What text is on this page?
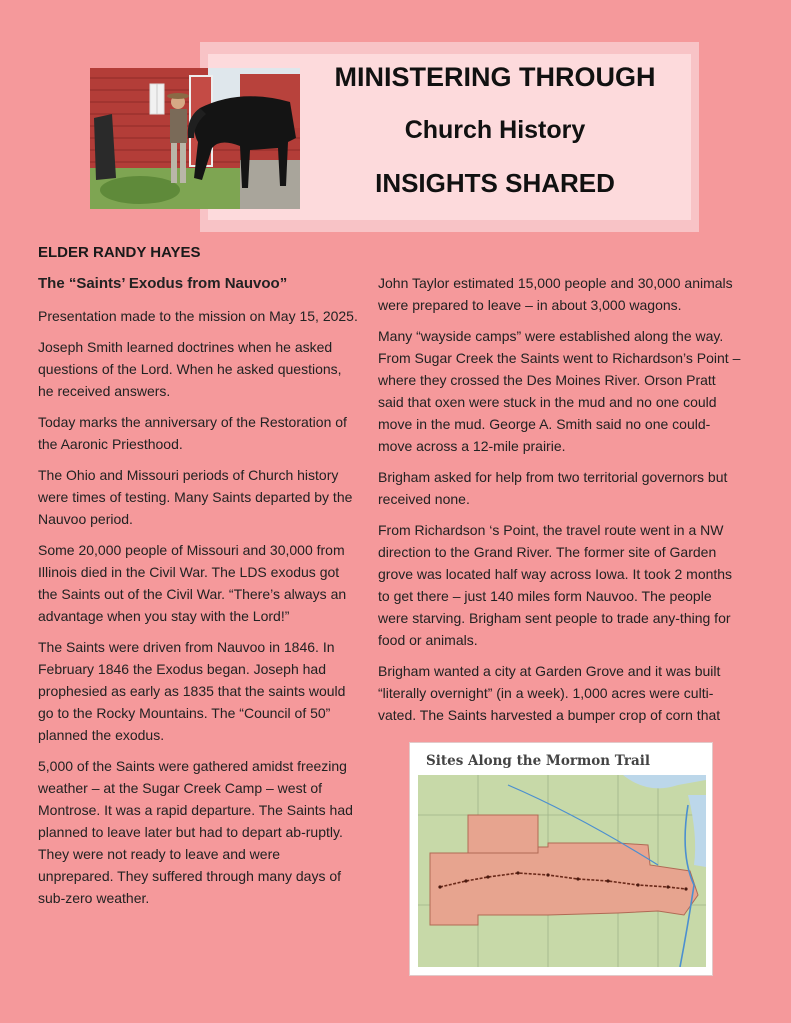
MINISTERING THROUGH
Church History
INSIGHTS SHARED
ELDER RANDY HAYES

The “Saints’ Exodus from Nauvoo”

Presentation made to the mission on May 15, 2025.

Joseph Smith learned doctrines when he asked questions of the Lord. When he asked questions, he received answers.

Today marks the anniversary of the Restoration of the Aaronic Priesthood.

The Ohio and Missouri periods of Church history were times of testing. Many Saints departed by the Nauvoo period.

Some 20,000 people of Missouri and 30,000 from Illinois died in the Civil War. The LDS exodus got the Saints out of the Civil War. “There’s always an advantage when you stay with the Lord!”

The Saints were driven from Nauvoo in 1846. In February 1846 the Exodus began. Joseph had prophesied as early as 1835 that the saints would go to the Rocky Mountains. The “Council of 50” planned the exodus.

5,000 of the Saints were gathered amidst freezing weather – at the Sugar Creek Camp – west of Montrose. It was a rapid departure. The Saints had planned to leave later but had to depart ab-ruptly. They were not ready to leave and were unprepared. They suffered through many days of sub-zero weather.

John Taylor estimated 15,000 people and 30,000 animals were prepared to leave – in about 3,000 wagons.

Many “wayside camps” were established along the way. From Sugar Creek the Saints went to Richardson’s Point – where they crossed the Des Moines River. Orson Pratt said that oxen were stuck in the mud and no one could move in the mud. George A. Smith said no one could-move across a 12-mile prairie.

Brigham asked for help from two territorial governors but received none.

From Richardson ‘s Point, the travel route went in a NW direction to the Grand River. The former site of Garden grove was located half way across Iowa. It took 2 months to get there – just 140 miles form Nauvoo. The people were starving. Brigham sent people to trade any-thing for food or animals.

Brigham wanted a city at Garden Grove and it was built “literally overnight” (in a week). 1,000 acres were culti-vated. The Saints harvested a bumper crop of corn that

Sites Along the Mormon Trail
